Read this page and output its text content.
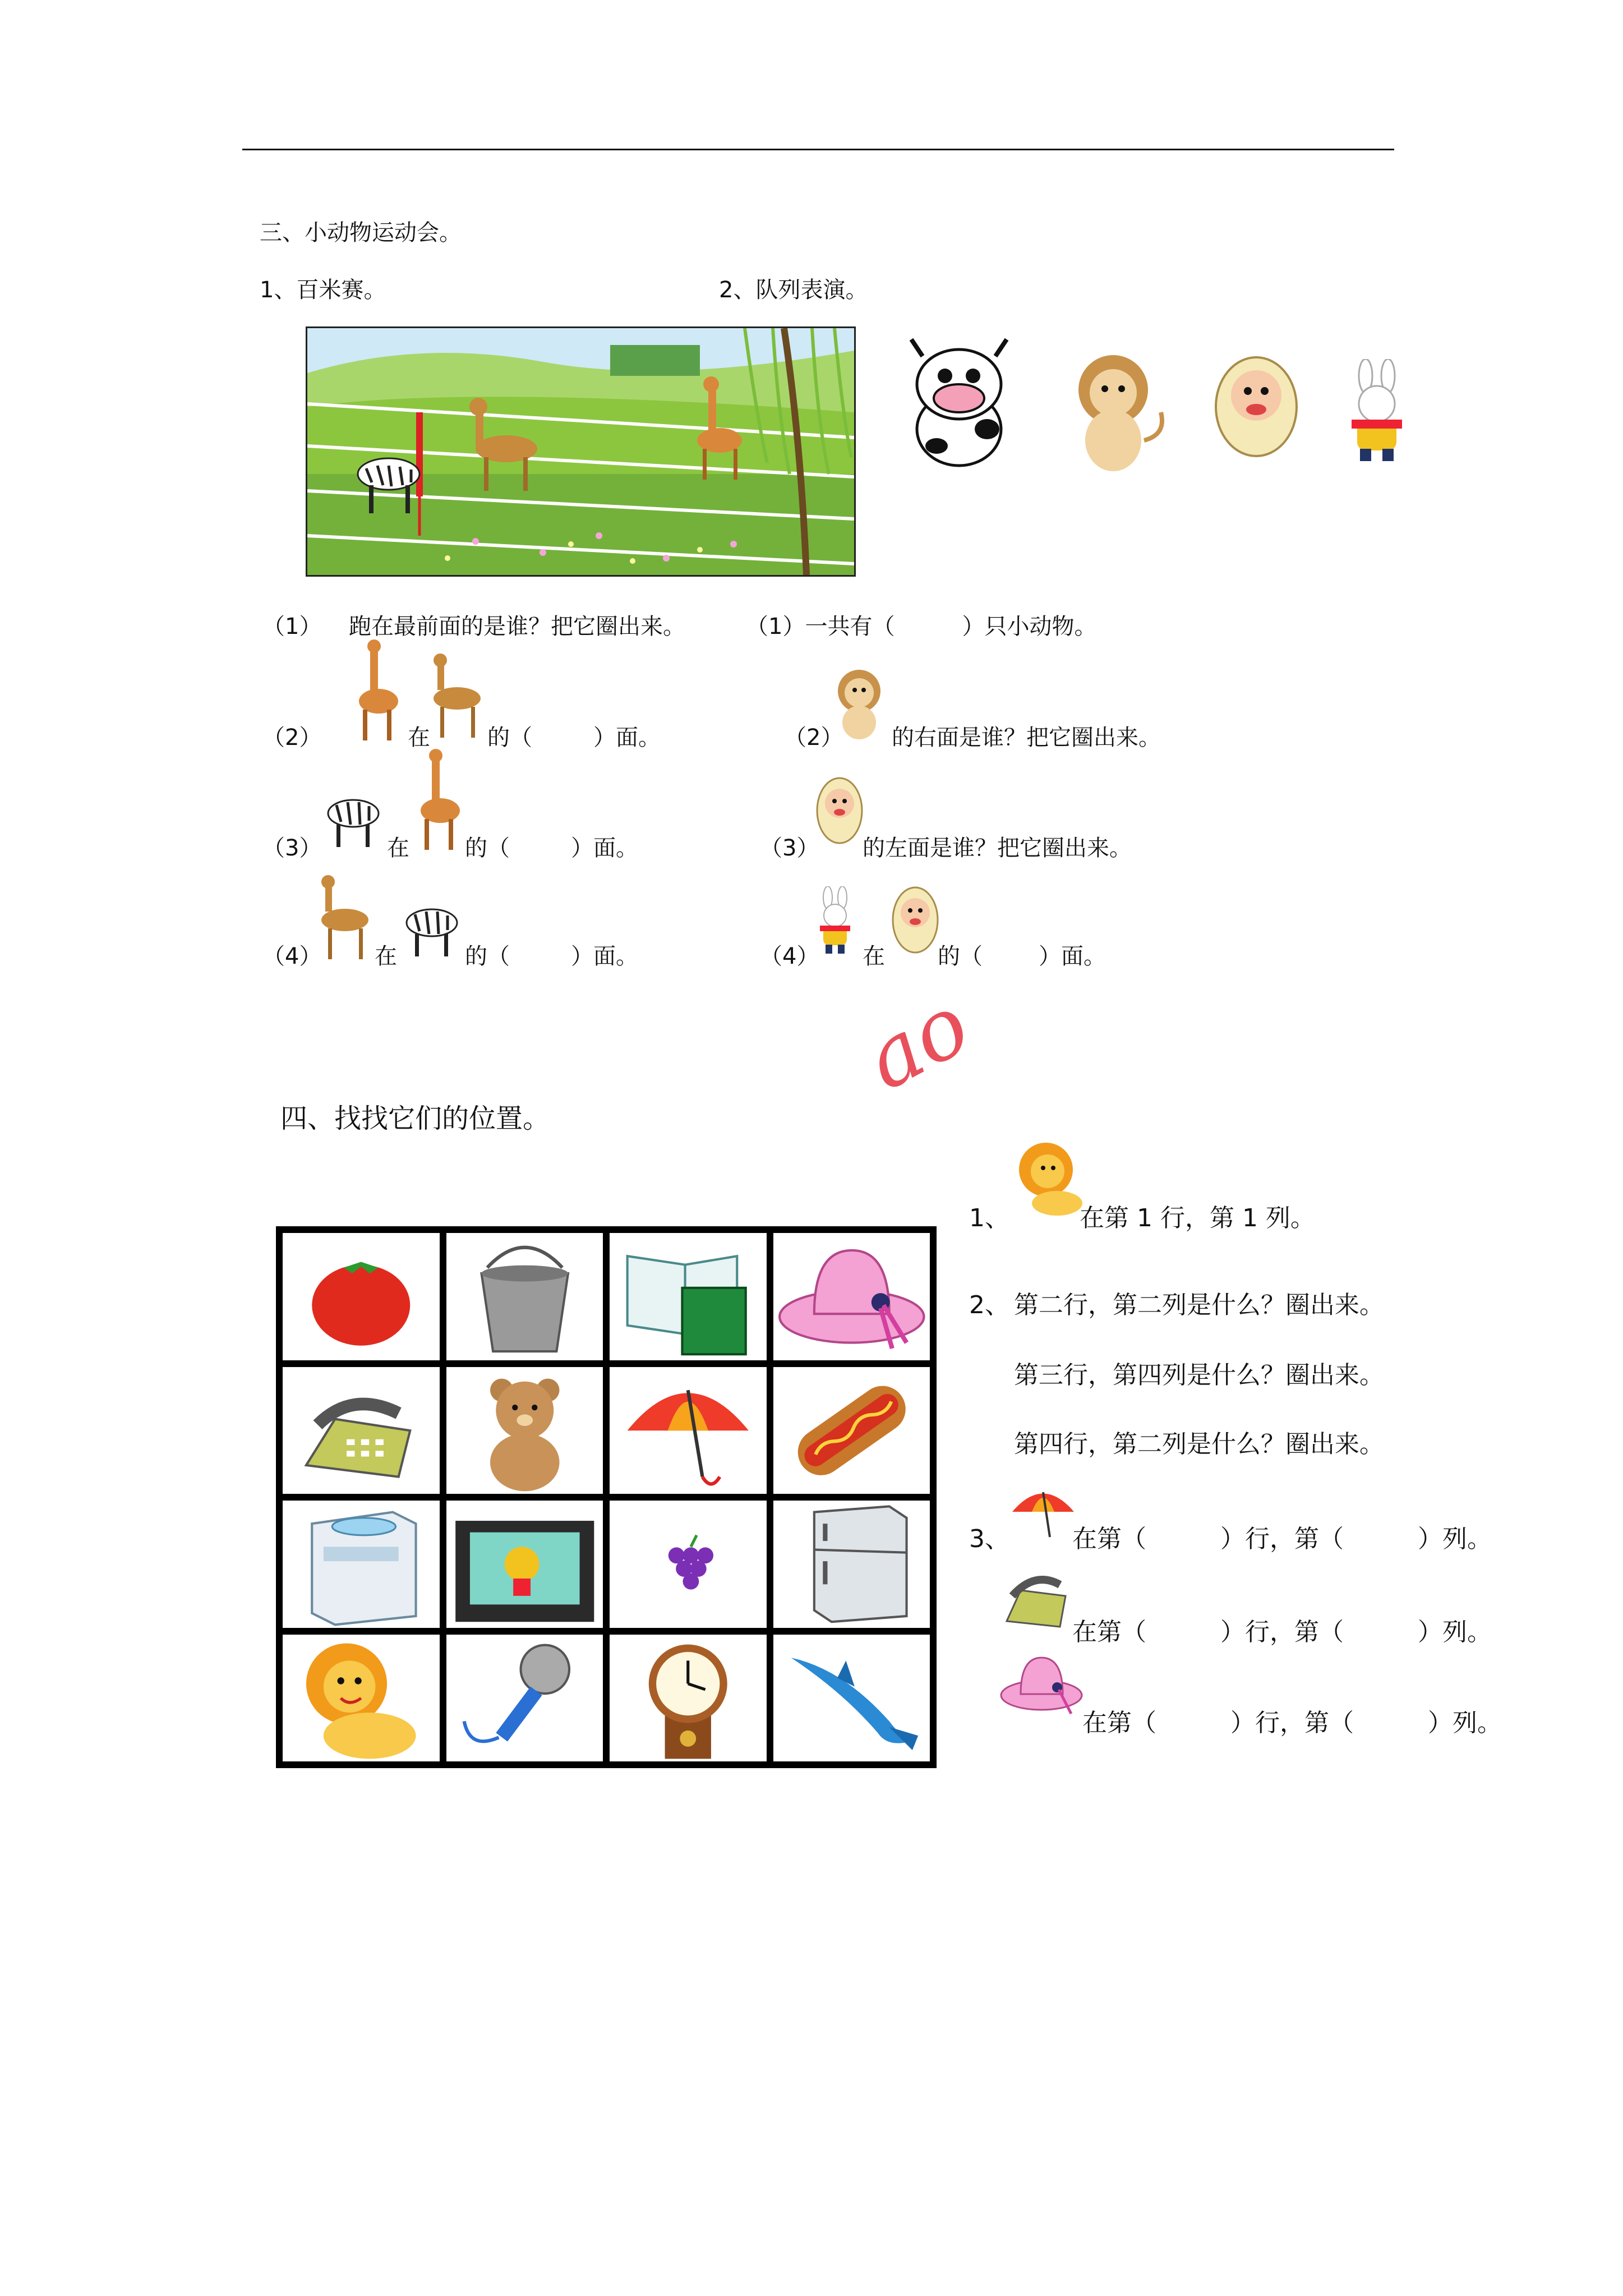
三、小动物运动会。
1、百米赛。	2、队列表演。
（1） 跑在最前面的是谁？把它圈出来。
（2）	在	的（	）面。
（3）	在 的（	）面。
（4） 在	的（	）面。
（1）一共有（　　　）只小动物。
（2） 的右面是谁？把它圈出来。
（3） 的左面是谁？把它圈出来。
（4） 在 的（	）面。
ao
四、找找它们的位置。
1、	在第 1 行，第 1 列。
2、 第二行，第二列是什么？圈出来。
第三行，第四列是什么？圈出来。
第四行，第二列是什么？圈出来。
3、	在第（　　　）行，第（　　　）列。
在第（　　　）行，第（　　　）列。
在第（　　　）行，第（　　　）列。
